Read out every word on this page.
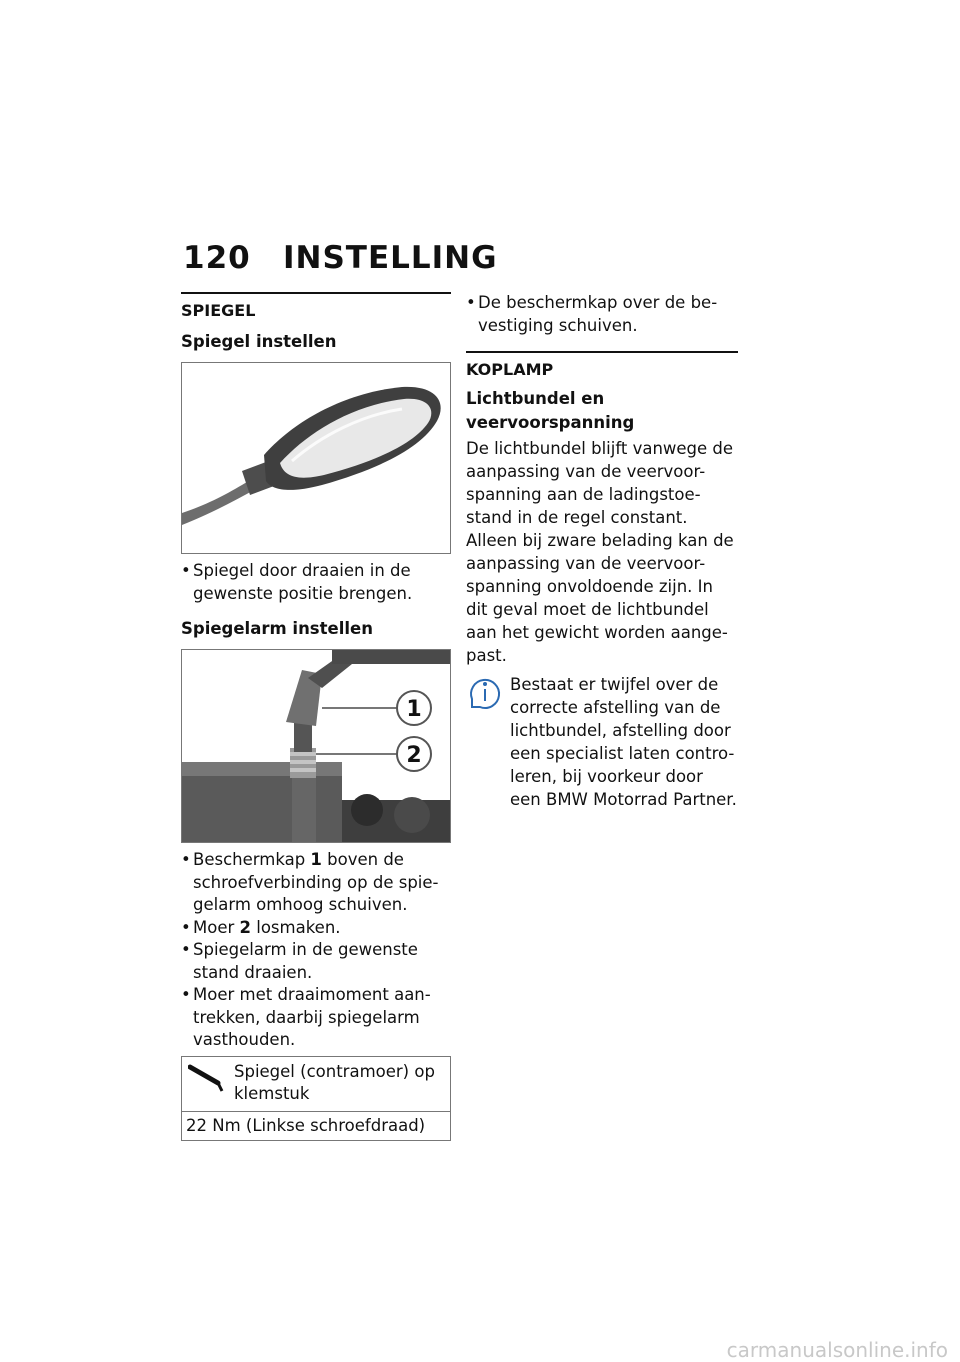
120 INSTELLING
SPIEGEL
Spiegel instellen
• Spiegel door draaien in de gewenste positie brengen.
Spiegelarm instellen
1
2
• Beschermkap 1 boven de schroefverbinding op de spie-gelarm omhoog schuiven.
• Moer 2 losmaken.
• Spiegelarm in de gewenste stand draaien.
• Moer met draaimoment aan-trekken, daarbij spiegelarm vasthouden.
Spiegel (contramoer) op klemstuk
22 Nm (Linkse schroefdraad)
• De beschermkap over de be-vestiging schuiven.
KOPLAMP
Lichtbundel en veervoorspanning
De lichtbundel blijft vanwege de aanpassing van de veervoor-spanning aan de ladingstoe-stand in de regel constant. Alleen bij zware belading kan de aanpassing van de veervoor-spanning onvoldoende zijn. In dit geval moet de lichtbundel aan het gewicht worden aange-past.
Bestaat er twijfel over de correcte afstelling van de lichtbundel, afstelling door een specialist laten contro-leren, bij voorkeur door een BMW Motorrad Partner.
carmanualsonline.info
